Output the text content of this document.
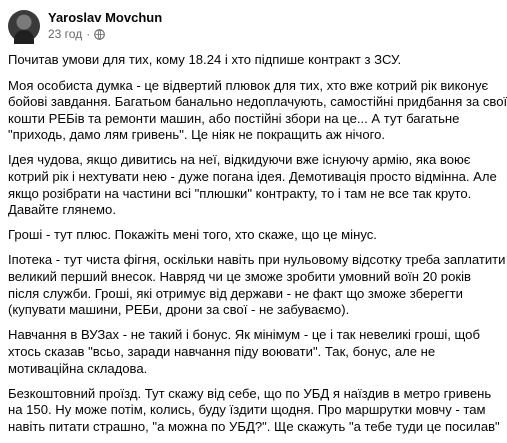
Yaroslav Movchun
23 год ·
Почитав умови для тих, кому 18.24 і хто підпише контракт з ЗСУ.
Моя особиста думка - це відвертий плювок для тих, хто вже котрий рік виконує
бойові завдання. Багатьом банально недоплачують, самостійні придбання за свої
кошти РЕБів та ремонти машин, або постійні збори на це... А тут багатьне
"приходь, дамо лям гривень". Це ніяк не покращить аж нічого.
Ідея чудова, якщо дивитись на неї, відкидуючи вже існуючу армію, яка воює
котрий рік і нехтувати нею - дуже погана ідея. Демотивація просто відмінна. Але
якщо розібрати на частини всі "плюшки" контракту, то і там не все так круто.
Давайте глянемо.
Гроші - тут плюс. Покажіть мені того, хто скаже, що це мінус.
Іпотека - тут чиста фігня, оскільки навіть при нульовому відсотку треба заплатити
великий перший внесок. Навряд чи це зможе зробити умовний воїн 20 років
після служби. Гроші, які отримує від держави - не факт що зможе зберегти
(купувати машини, РЕБи, дрони за свої - не забуваємо).
Навчання в ВУЗах - не такий і бонус. Як мінімум - це і так невеликі гроші, щоб
хтось сказав "всьо, заради навчання піду воювати". Так, бонус, але не
мотиваційна складова.
Безкоштовний проїзд. Тут скажу від себе, що по УБД я наїздив в метро гривень
на 150. Ну може потім, колись, буду їздити щодня. Про маршрутки мовчу - там
навіть питати страшно, "а можна по УБД?". Ще скажуть "а тебе туди це посилав"
